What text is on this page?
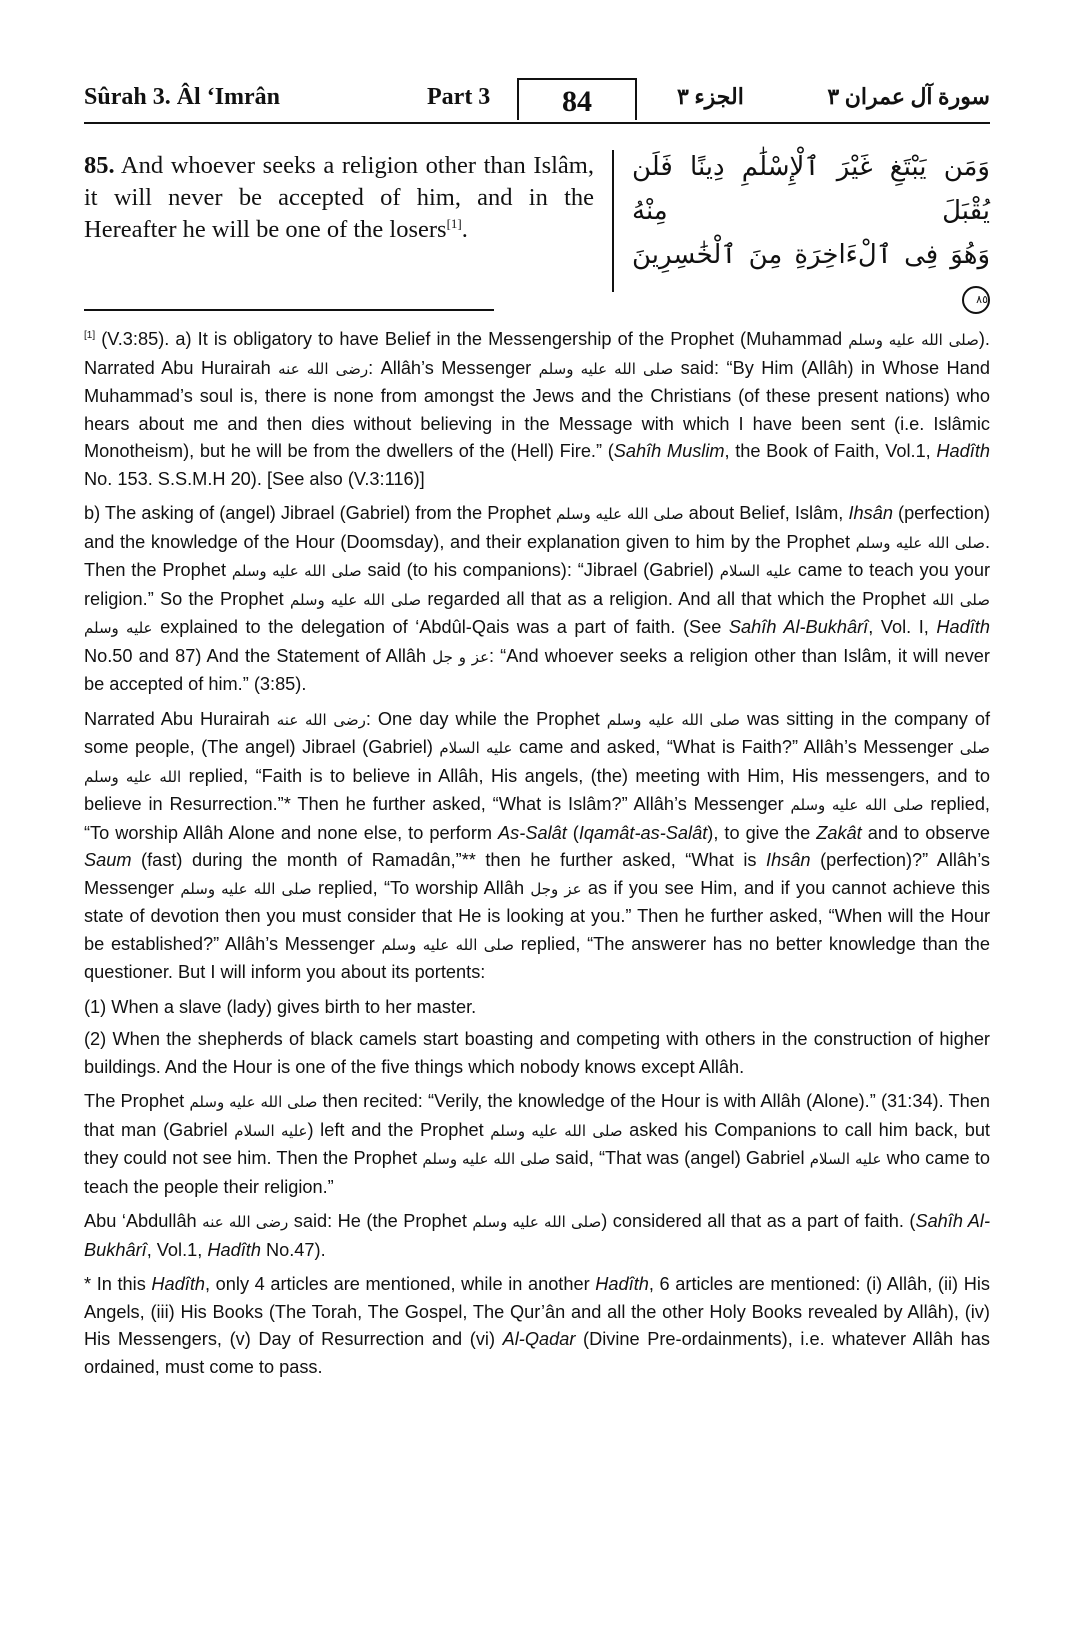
Sûrah 3. Âl ‘Imrân	Part 3	84	الجزء ٣	سورة آل عمران ٣
85. And whoever seeks a religion other than Islâm, it will never be accepted of him, and in the Hereafter he will be one of the losers[1].
وَمَن يَبْتَغِ غَيْرَ ٱلْإِسْلَٰمِ دِينًا فَلَن يُقْبَلَ مِنْهُ
وَهُوَ فِى ٱلْءَاخِرَةِ مِنَ ٱلْخَٰسِرِينَ ٨٥

[1] (V.3:85). a) It is obligatory to have Belief in the Messengership of the Prophet (Muhammad صلى الله عليه وسلم). Narrated Abu Hurairah رضى الله عنه: Allâh’s Messenger صلى الله عليه وسلم said: “By Him (Allâh) in Whose Hand Muhammad’s soul is, there is none from amongst the Jews and the Christians (of these present nations) who hears about me and then dies without believing in the Message with which I have been sent (i.e. Islâmic Monotheism), but he will be from the dwellers of the (Hell) Fire.” (Sahîh Muslim, the Book of Faith, Vol.1, Hadîth No. 153. S.S.M.H 20). [See also (V.3:116)]

b) The asking of (angel) Jibrael (Gabriel) from the Prophet صلى الله عليه وسلم about Belief, Islâm, Ihsân (perfection) and the knowledge of the Hour (Doomsday), and their explanation given to him by the Prophet صلى الله عليه وسلم. Then the Prophet صلى الله عليه وسلم said (to his companions): “Jibrael (Gabriel) عليه السلام came to teach you your religion.” So the Prophet صلى الله عليه وسلم regarded all that as a religion. And all that which the Prophet صلى الله عليه وسلم explained to the delegation of ‘Abdûl-Qais was a part of faith. (See Sahîh Al-Bukhârî, Vol. I, Hadîth No.50 and 87) And the Statement of Allâh عز و جل: “And whoever seeks a religion other than Islâm, it will never be accepted of him.” (3:85).

Narrated Abu Hurairah رضى الله عنه: One day while the Prophet صلى الله عليه وسلم was sitting in the company of some people, (The angel) Jibrael (Gabriel) عليه السلام came and asked, “What is Faith?” Allâh’s Messenger صلى الله عليه وسلم replied, “Faith is to believe in Allâh, His angels, (the) meeting with Him, His messengers, and to believe in Resurrection.”* Then he further asked, “What is Islâm?” Allâh’s Messenger صلى الله عليه وسلم replied, “To worship Allâh Alone and none else, to perform As-Salât (Iqamât-as-Salât), to give the Zakât and to observe Saum (fast) during the month of Ramadân,”** then he further asked, “What is Ihsân (perfection)?” Allâh’s Messenger صلى الله عليه وسلم replied, “To worship Allâh عز وجل as if you see Him, and if you cannot achieve this state of devotion then you must consider that He is looking at you.” Then he further asked, “When will the Hour be established?” Allâh’s Messenger صلى الله عليه وسلم replied, “The answerer has no better knowledge than the questioner. But I will inform you about its portents:

(1) When a slave (lady) gives birth to her master.

(2) When the shepherds of black camels start boasting and competing with others in the construction of higher buildings. And the Hour is one of the five things which nobody knows except Allâh.

The Prophet صلى الله عليه وسلم then recited: “Verily, the knowledge of the Hour is with Allâh (Alone).” (31:34). Then that man (Gabriel عليه السلام) left and the Prophet صلى الله عليه وسلم asked his Companions to call him back, but they could not see him. Then the Prophet صلى الله عليه وسلم said, “That was (angel) Gabriel عليه السلام who came to teach the people their religion.”

Abu ‘Abdullâh رضى الله عنه said: He (the Prophet صلى الله عليه وسلم) considered all that as a part of faith. (Sahîh Al-Bukhârî, Vol.1, Hadîth No.47).

* In this Hadîth, only 4 articles are mentioned, while in another Hadîth, 6 articles are mentioned: (i) Allâh, (ii) His Angels, (iii) His Books (The Torah, The Gospel, The Qur’ân and all the other Holy Books revealed by Allâh), (iv) His Messengers, (v) Day of Resurrection and (vi) Al-Qadar (Divine Pre-ordainments), i.e. whatever Allâh has ordained, must come to pass.
